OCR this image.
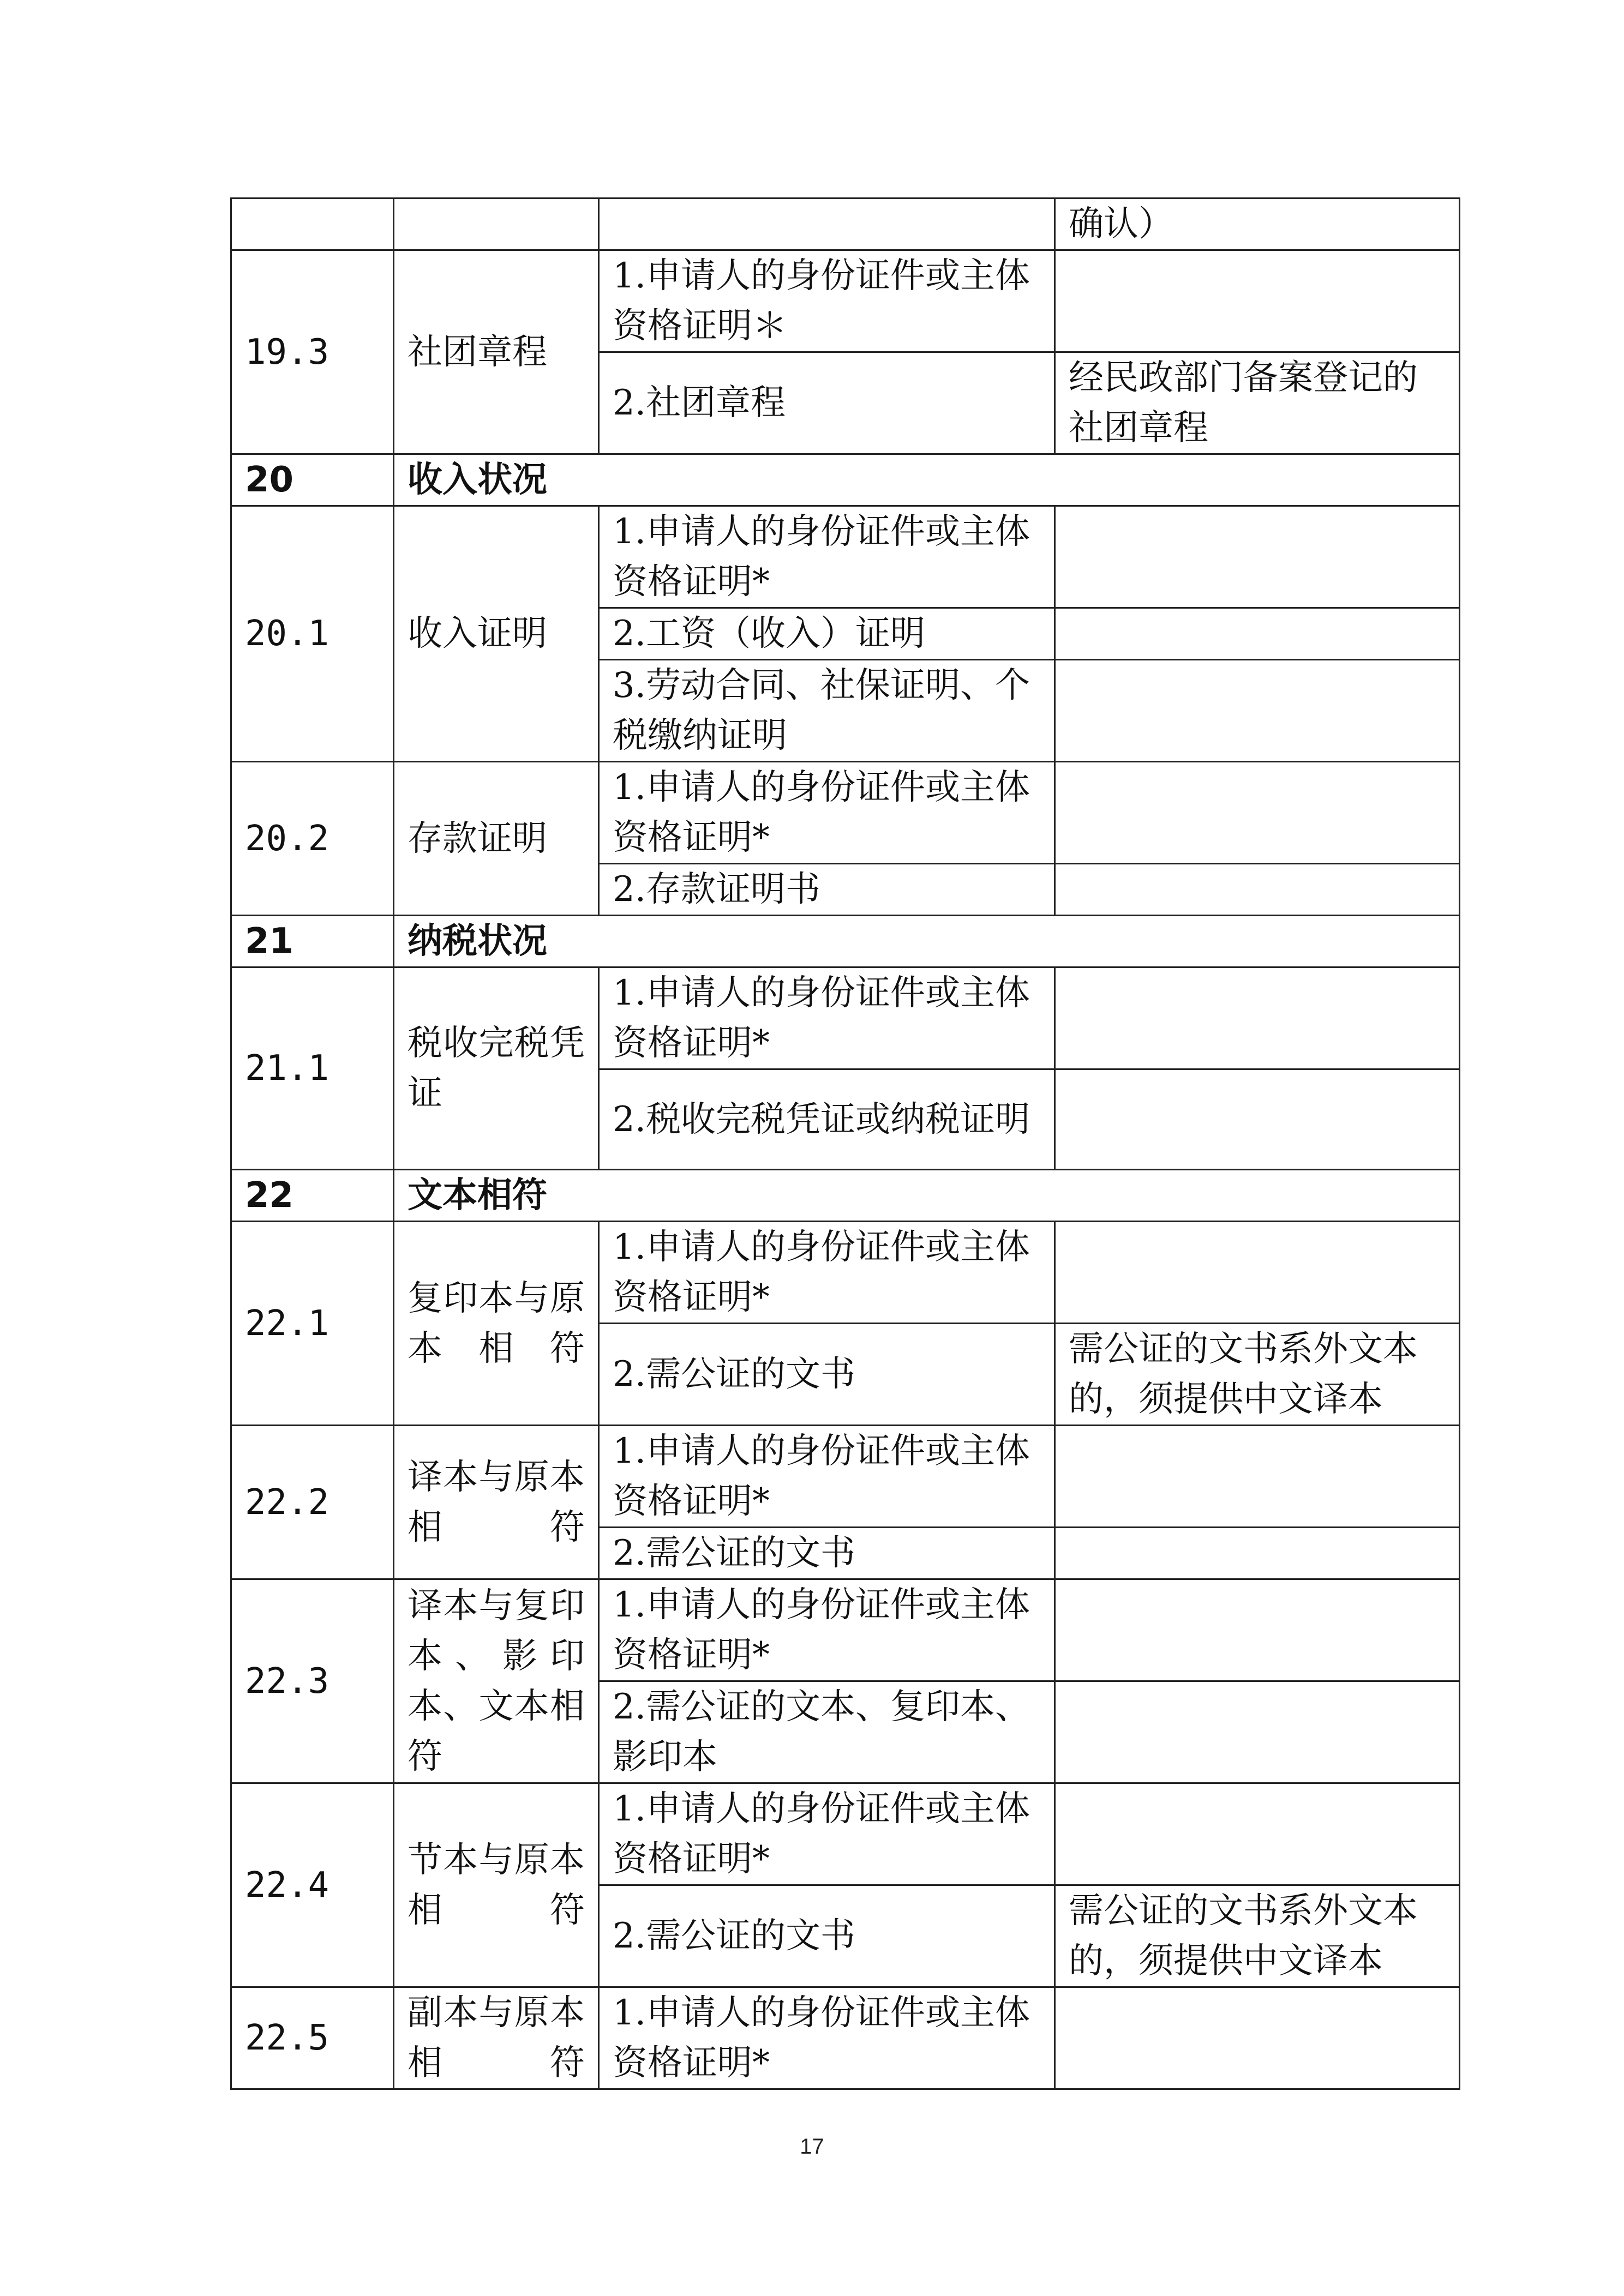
			确认）
19.3	社团章程	1.申请人的身份证件或主体资格证明＊	
		2.社团章程	经民政部门备案登记的社团章程
20	收入状况		
20.1	收入证明	1.申请人的身份证件或主体资格证明*	
		2.工资（收入）证明	
		3.劳动合同、社保证明、个税缴纳证明	
20.2	存款证明	1.申请人的身份证件或主体资格证明*	
		2.存款证明书	
21	纳税状况		
21.1	税收完税凭证	1.申请人的身份证件或主体资格证明*	
		2.税收完税凭证或纳税证明	
22	文本相符		
22.1	复印本与原本相符	1.申请人的身份证件或主体资格证明*	
		2.需公证的文书	需公证的文书系外文本的，须提供中文译本
22.2	译本与原本相符	1.申请人的身份证件或主体资格证明*	
		2.需公证的文书	
22.3	译本与复印本、影印本、文本相符	1.申请人的身份证件或主体资格证明*	
		2.需公证的文本、复印本、影印本	
22.4	节本与原本相符	1.申请人的身份证件或主体资格证明*	
		2.需公证的文书	需公证的文书系外文本的，须提供中文译本
22.5	副本与原本相符	1.申请人的身份证件或主体资格证明*	
17
